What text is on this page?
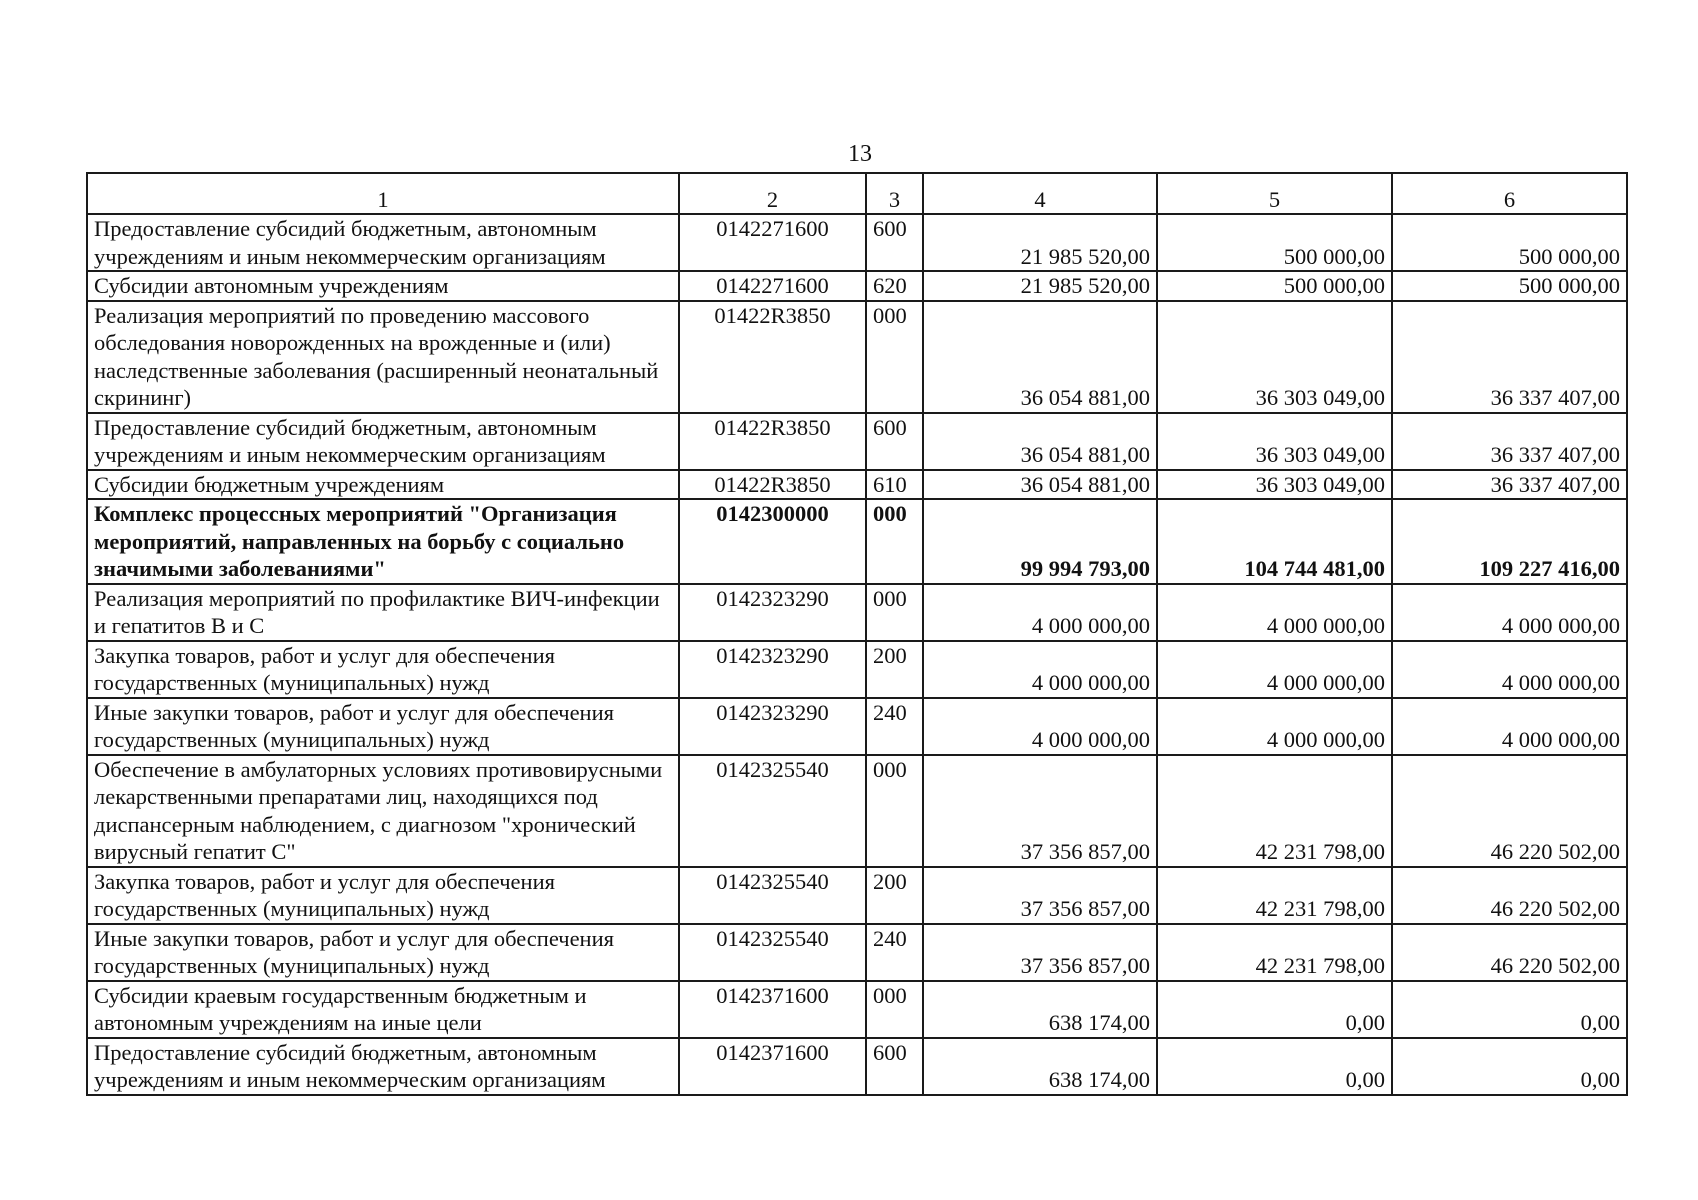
13
1	2	3	4	5	6
Предоставление субсидий бюджетным, автономным учреждениям и иным некоммерческим организациям	0142271600	600	21 985 520,00	500 000,00	500 000,00
Субсидии автономным учреждениям	0142271600	620	21 985 520,00	500 000,00	500 000,00
Реализация мероприятий по проведению массового обследования новорожденных на врожденные и (или) наследственные заболевания (расширенный неонатальный скрининг)	01422R3850	000	36 054 881,00	36 303 049,00	36 337 407,00
Предоставление субсидий бюджетным, автономным учреждениям и иным некоммерческим организациям	01422R3850	600	36 054 881,00	36 303 049,00	36 337 407,00
Субсидии бюджетным учреждениям	01422R3850	610	36 054 881,00	36 303 049,00	36 337 407,00
Комплекс процессных мероприятий "Организация мероприятий, направленных на борьбу с социально значимыми заболеваниями"	0142300000	000	99 994 793,00	104 744 481,00	109 227 416,00
Реализация мероприятий по профилактике ВИЧ-инфекции и гепатитов В и С	0142323290	000	4 000 000,00	4 000 000,00	4 000 000,00
Закупка товаров, работ и услуг для обеспечения государственных (муниципальных) нужд	0142323290	200	4 000 000,00	4 000 000,00	4 000 000,00
Иные закупки товаров, работ и услуг для обеспечения государственных (муниципальных) нужд	0142323290	240	4 000 000,00	4 000 000,00	4 000 000,00
Обеспечение в амбулаторных условиях противовирусными лекарственными препаратами лиц, находящихся под диспансерным наблюдением, с диагнозом "хронический вирусный гепатит С"	0142325540	000	37 356 857,00	42 231 798,00	46 220 502,00
Закупка товаров, работ и услуг для обеспечения государственных (муниципальных) нужд	0142325540	200	37 356 857,00	42 231 798,00	46 220 502,00
Иные закупки товаров, работ и услуг для обеспечения государственных (муниципальных) нужд	0142325540	240	37 356 857,00	42 231 798,00	46 220 502,00
Субсидии краевым государственным бюджетным и автономным учреждениям на иные цели	0142371600	000	638 174,00	0,00	0,00
Предоставление субсидий бюджетным, автономным учреждениям и иным некоммерческим организациям	0142371600	600	638 174,00	0,00	0,00
